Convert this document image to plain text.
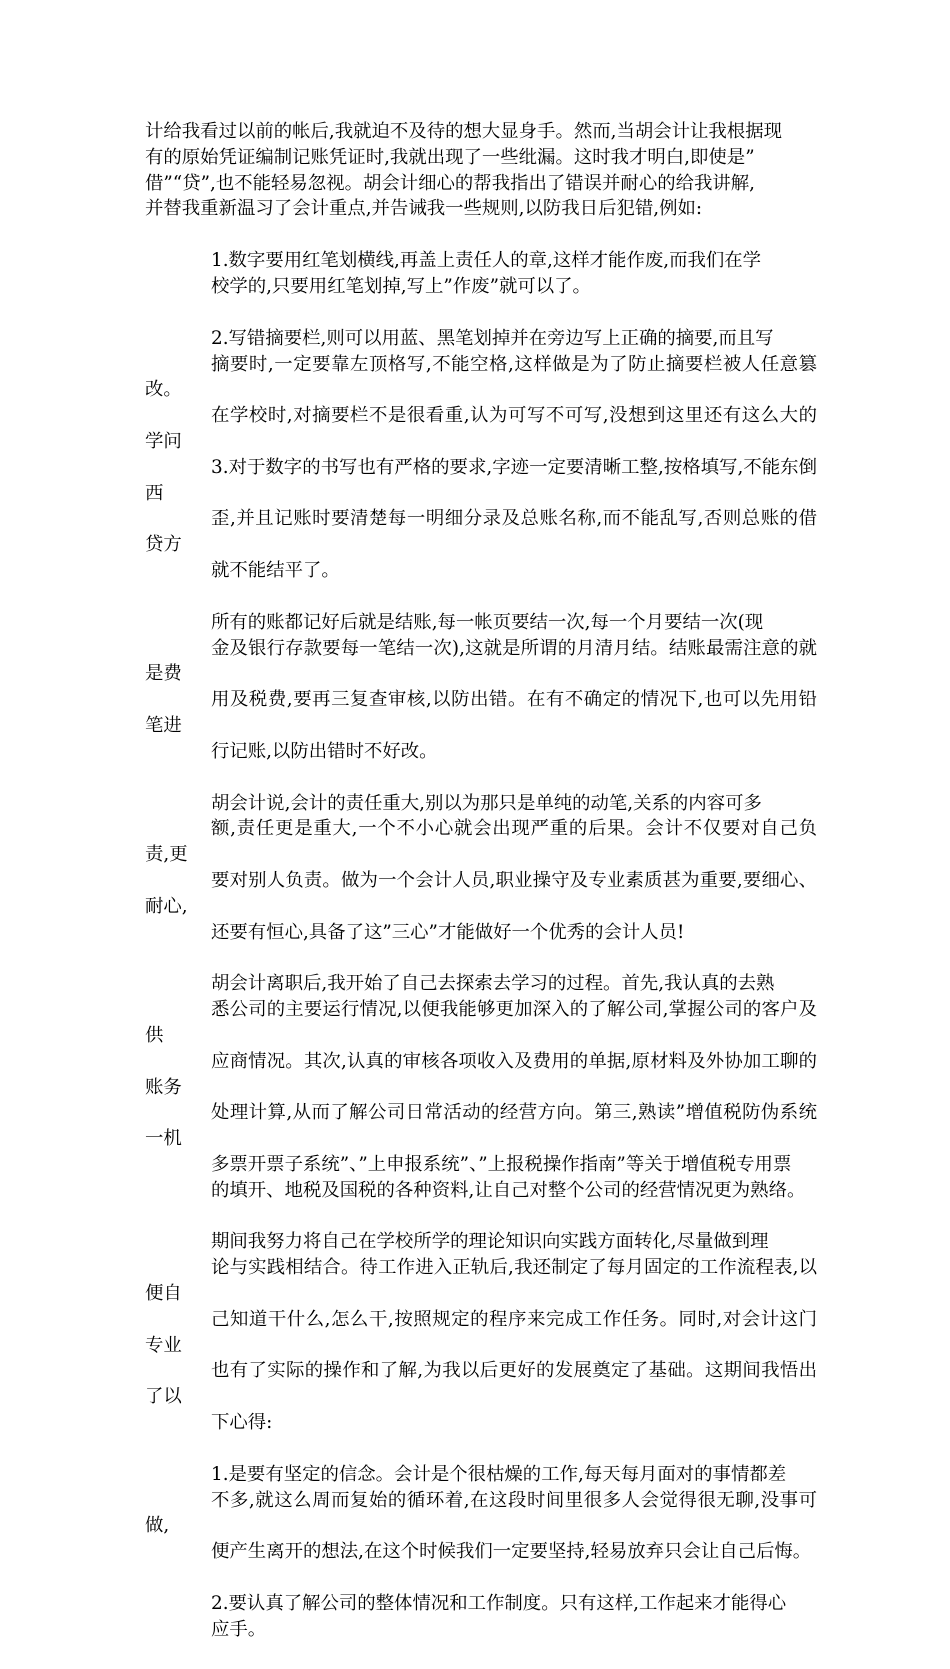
计给我看过以前的帐后,我就迫不及待的想大显身手。然而,当胡会计让我根据现
有的原始凭证编制记账凭证时,我就出现了一些纰漏。这时我才明白,即使是”
借”“贷”,也不能轻易忽视。胡会计细心的帮我指出了错误并耐心的给我讲解,
并替我重新温习了会计重点,并告诫我一些规则,以防我日后犯错,例如:

1.数字要用红笔划横线,再盖上责任人的章,这样才能作废,而我们在学
校学的,只要用红笔划掉,写上”作废”就可以了。

2.写错摘要栏,则可以用蓝、黑笔划掉并在旁边写上正确的摘要,而且写
摘要时,一定要靠左顶格写,不能空格,这样做是为了防止摘要栏被人任意篡改。
在学校时,对摘要栏不是很看重,认为可写不可写,没想到这里还有这么大的学问
3.对于数字的书写也有严格的要求,字迹一定要清晰工整,按格填写,不能东倒西
歪,并且记账时要清楚每一明细分录及总账名称,而不能乱写,否则总账的借贷方
就不能结平了。

所有的账都记好后就是结账,每一帐页要结一次,每一个月要结一次(现
金及银行存款要每一笔结一次),这就是所谓的月清月结。结账最需注意的就是费
用及税费,要再三复查审核,以防出错。在有不确定的情况下,也可以先用铅笔进
行记账,以防出错时不好改。

胡会计说,会计的责任重大,别以为那只是单纯的动笔,关系的内容可多
额,责任更是重大,一个不小心就会出现严重的后果。会计不仅要对自己负责,更
要对别人负责。做为一个会计人员,职业操守及专业素质甚为重要,要细心、耐心,
还要有恒心,具备了这”三心”才能做好一个优秀的会计人员!

胡会计离职后,我开始了自己去探索去学习的过程。首先,我认真的去熟
悉公司的主要运行情况,以便我能够更加深入的了解公司,掌握公司的客户及供
应商情况。其次,认真的审核各项收入及费用的单据,原材料及外协加工聊的账务
处理计算,从而了解公司日常活动的经营方向。第三,熟读”增值税防伪系统一机
多票开票子系统”、”上申报系统”、”上报税操作指南”等关于增值税专用票
的填开、地税及国税的各种资料,让自己对整个公司的经营情况更为熟络。

期间我努力将自己在学校所学的理论知识向实践方面转化,尽量做到理
论与实践相结合。待工作进入正轨后,我还制定了每月固定的工作流程表,以便自
己知道干什么,怎么干,按照规定的程序来完成工作任务。同时,对会计这门专业
也有了实际的操作和了解,为我以后更好的发展奠定了基础。这期间我悟出了以
下心得:

1.是要有坚定的信念。会计是个很枯燥的工作,每天每月面对的事情都差
不多,就这么周而复始的循环着,在这段时间里很多人会觉得很无聊,没事可做,
便产生离开的想法,在这个时候我们一定要坚持,轻易放弃只会让自己后悔。

2.要认真了解公司的整体情况和工作制度。只有这样,工作起来才能得心
应手。
